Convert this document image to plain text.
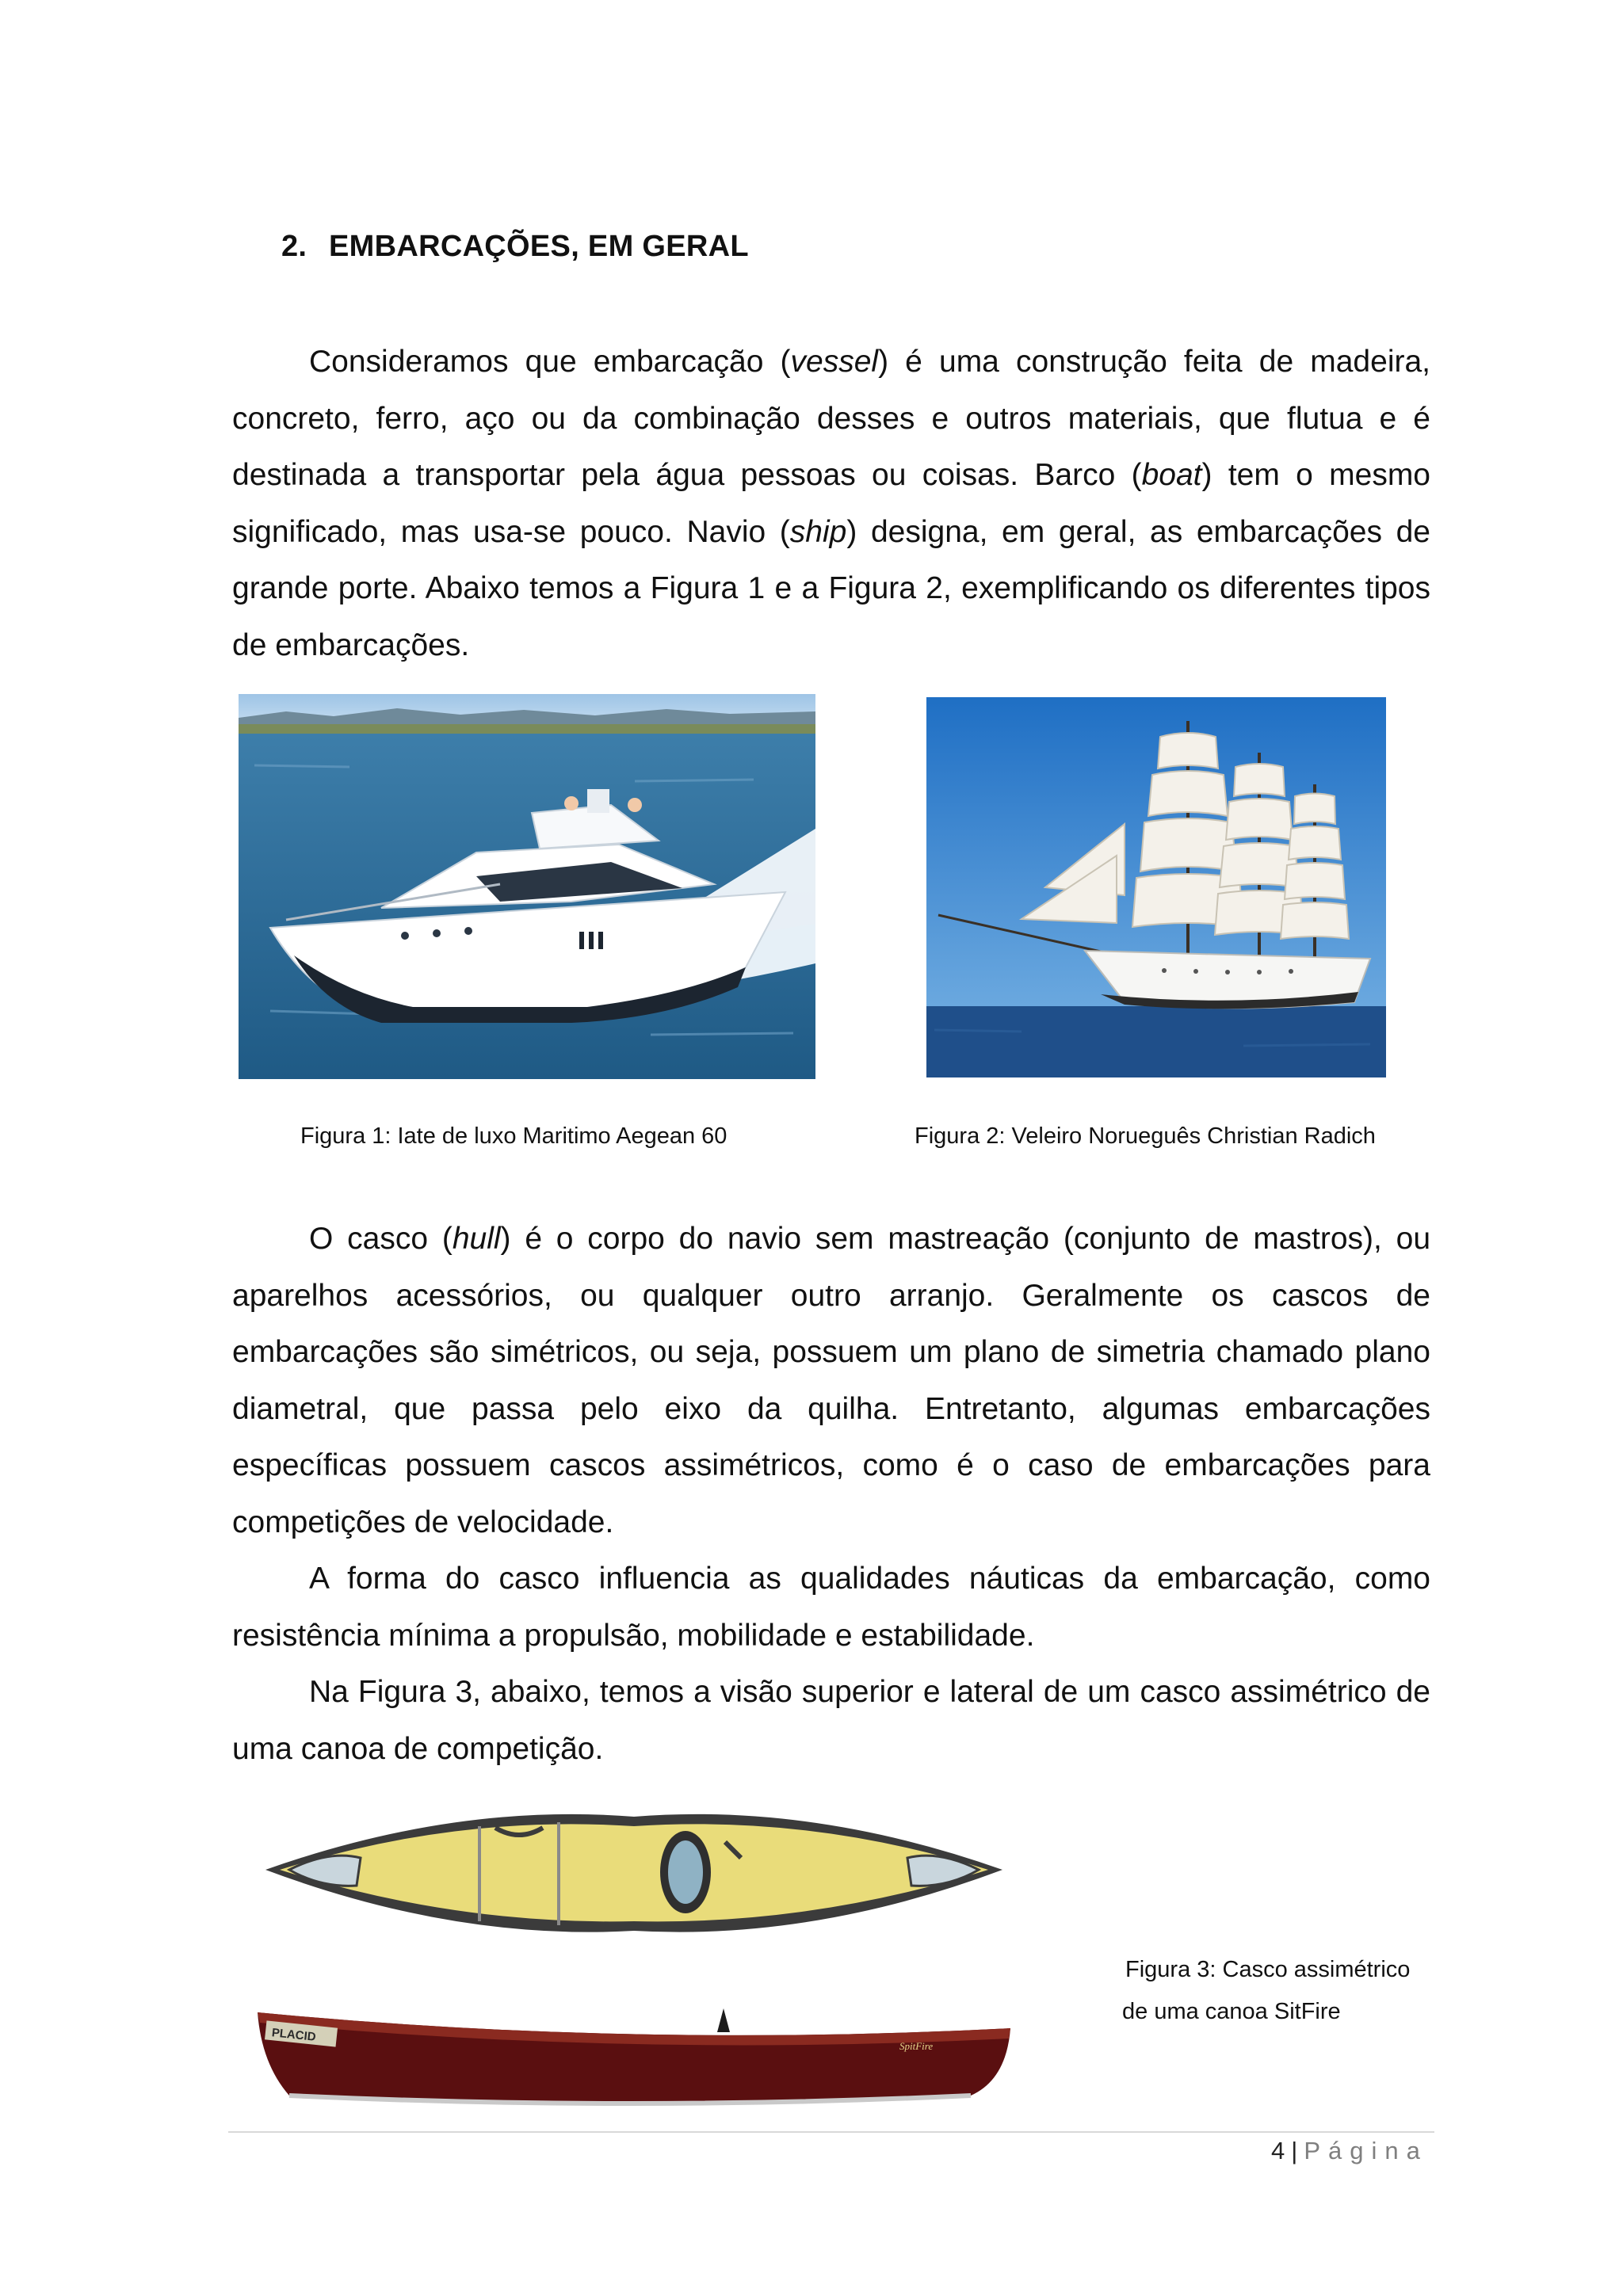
2. EMBARCAÇÕES, EM GERAL

Consideramos que embarcação (vessel) é uma construção feita de madeira, concreto, ferro, aço ou da combinação desses e outros materiais, que flutua e é destinada a transportar pela água pessoas ou coisas. Barco (boat) tem o mesmo significado, mas usa-se pouco. Navio (ship) designa, em geral, as embarcações de grande porte. Abaixo temos a Figura 1 e a Figura 2, exemplificando os diferentes tipos de embarcações.

Figura 1: Iate de luxo Maritimo Aegean 60	Figura 2: Veleiro Norueguês Christian Radich

O casco (hull) é o corpo do navio sem mastreação (conjunto de mastros), ou aparelhos acessórios, ou qualquer outro arranjo. Geralmente os cascos de embarcações são simétricos, ou seja, possuem um plano de simetria chamado plano diametral, que passa pelo eixo da quilha. Entretanto, algumas embarcações específicas possuem cascos assimétricos, como é o caso de embarcações para competições de velocidade.

A forma do casco influencia as qualidades náuticas da embarcação, como resistência mínima a propulsão, mobilidade e estabilidade.

Na Figura 3, abaixo, temos a visão superior e lateral de um casco assimétrico de uma canoa de competição.

PLACID
SpitFire
Figura 3: Casco assimétrico
de uma canoa SitFire
4 | Página
